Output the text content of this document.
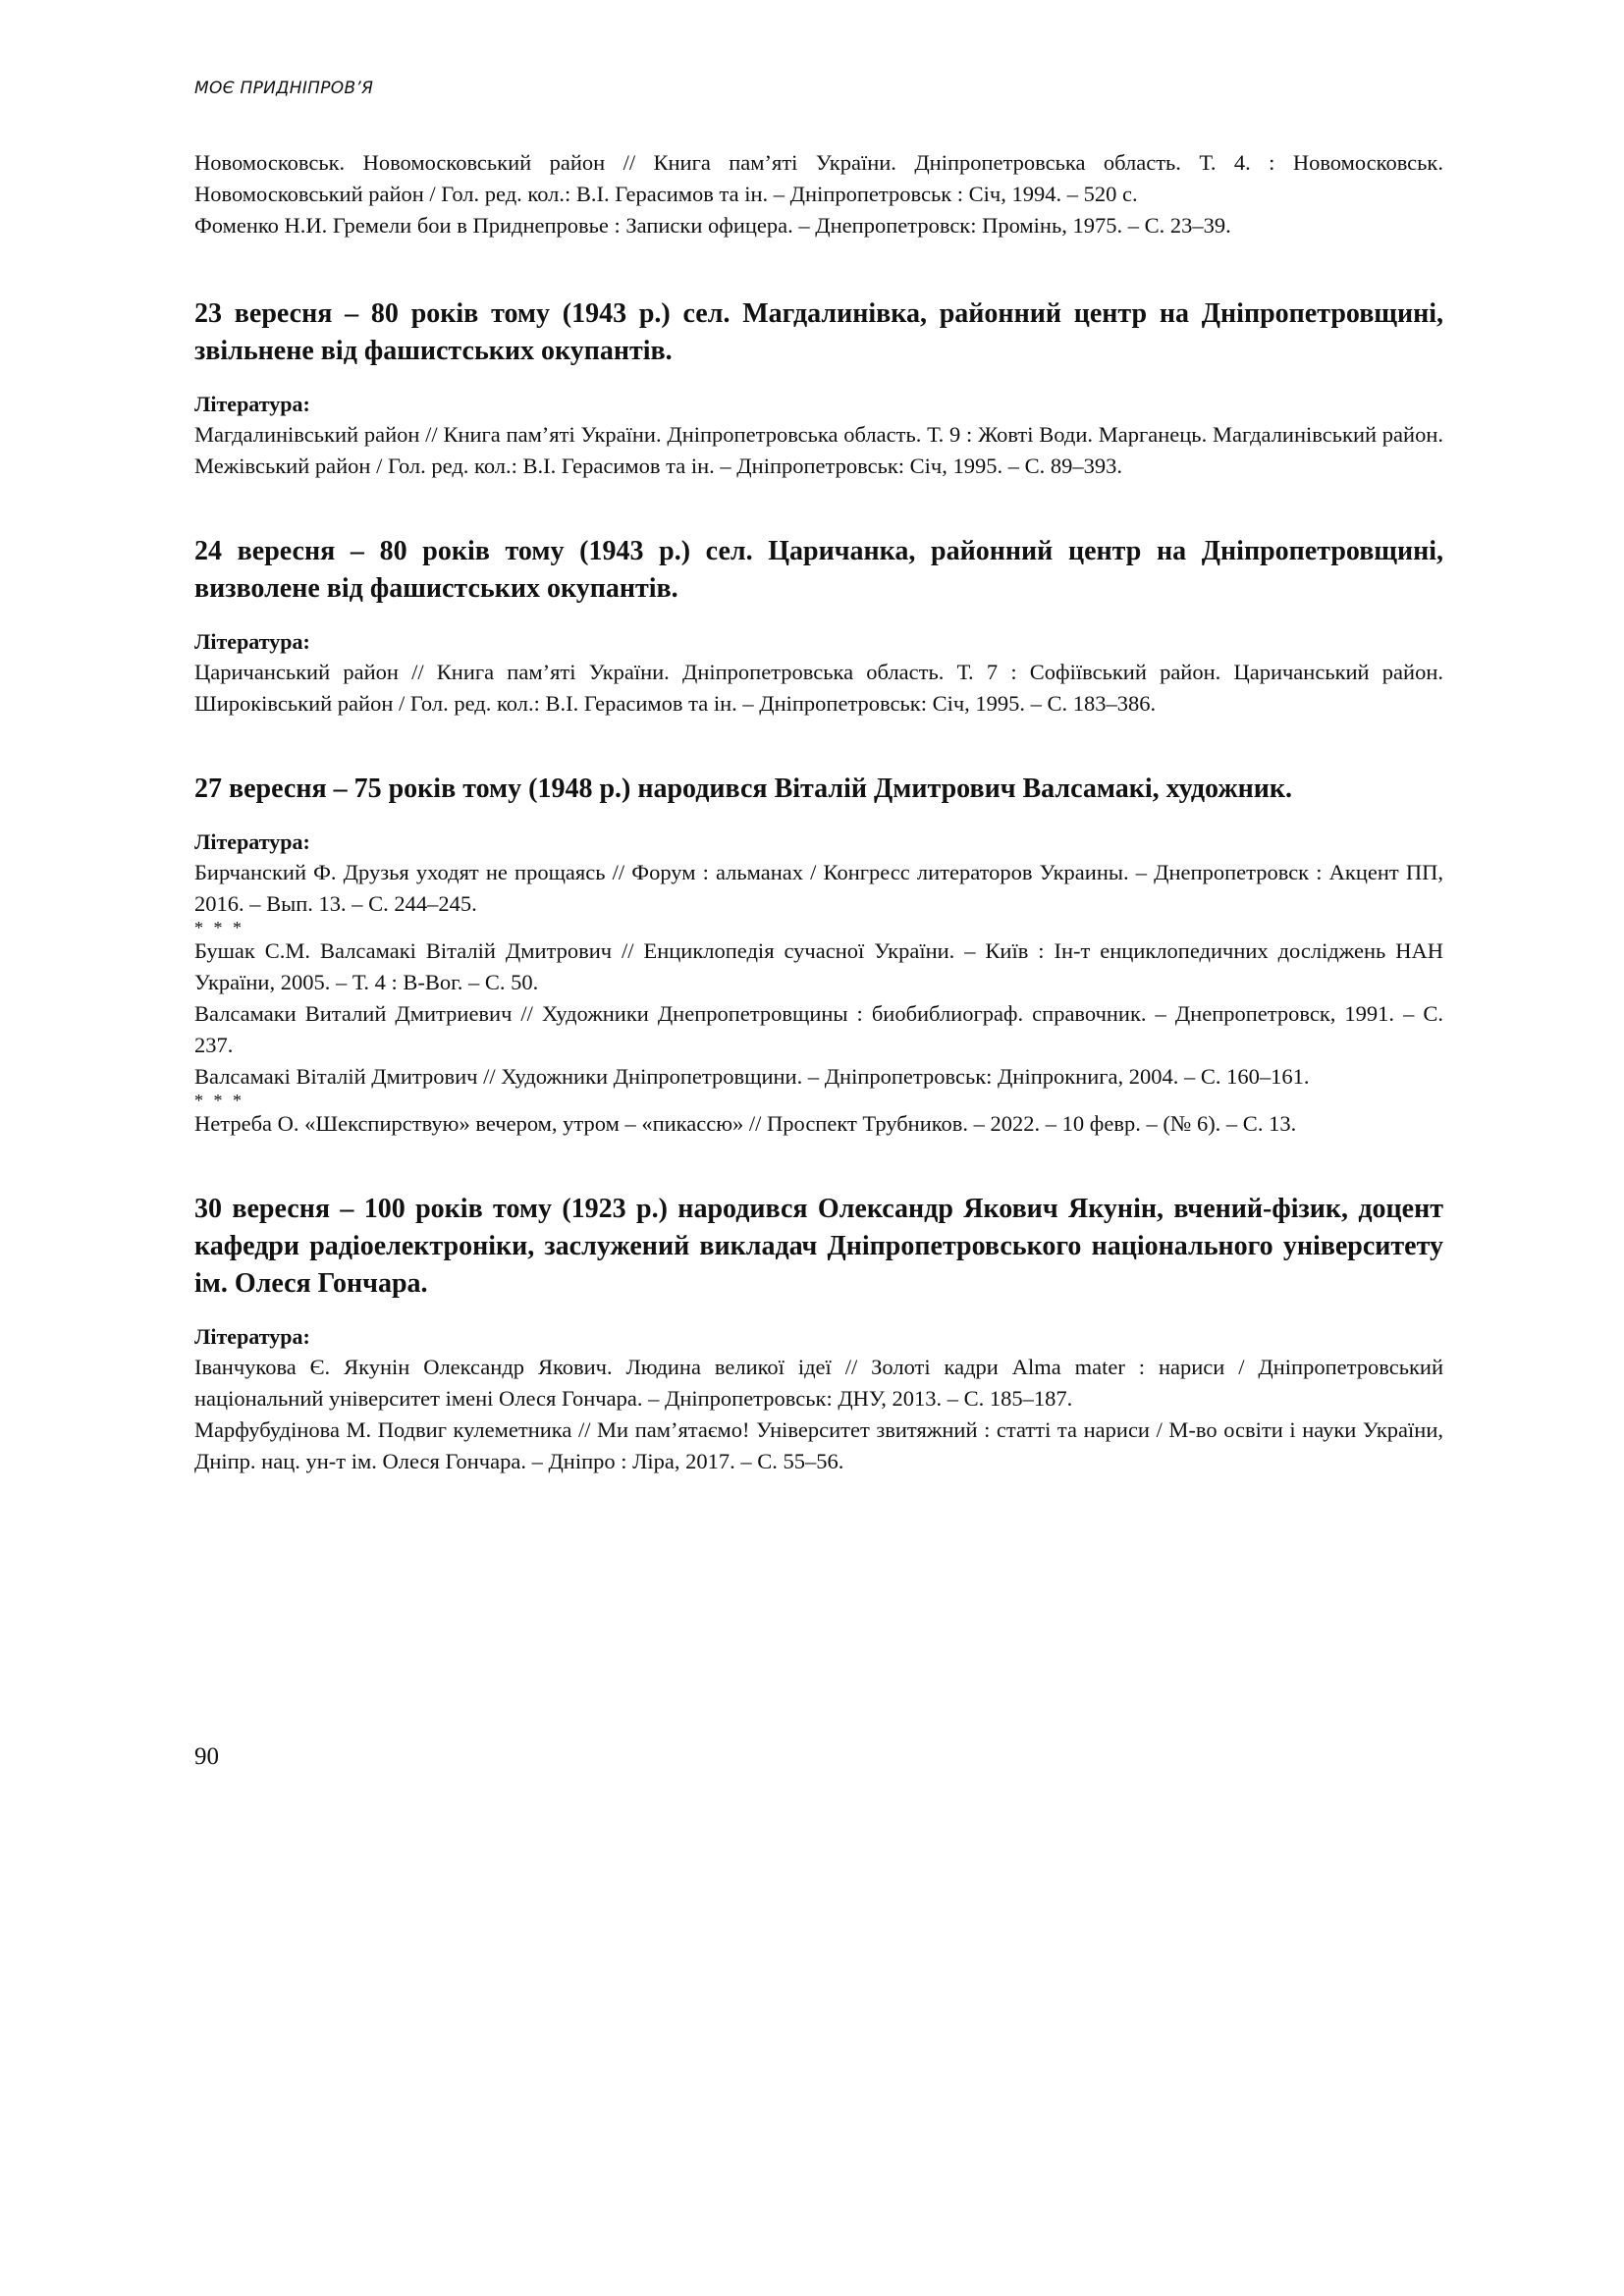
МОЄ ПРИДНІПРОВ’Я

Новомосковськ. Новомосковський район // Книга пам’яті України. Дніпропетровська область. Т. 4. : Новомосковськ. Новомосковський район / Гол. ред. кол.: В.І. Герасимов та ін. – Дніпропетровськ : Січ, 1994. – 520 с.

Фоменко Н.И. Гремели бои в Приднепровье : Записки офицера. – Днепропетровск: Промінь, 1975. – С. 23–39.

23 вересня – 80 років тому (1943 р.) сел. Магдалинівка, районний центр на Дніпропетровщині, звільнене від фашистських окупантів.

Література:

Магдалинівський район // Книга пам’яті України. Дніпропетровська область. Т. 9 : Жовті Води. Марганець. Магдалинівський район. Межівський район / Гол. ред. кол.: В.І. Герасимов та ін. – Дніпропетровськ: Січ, 1995. – С. 89–393.

24 вересня – 80 років тому (1943 р.) сел. Царичанка, районний центр на Дніпропетровщині, визволене від фашистських окупантів.

Література:

Царичанський район // Книга пам’яті України. Дніпропетровська область. Т. 7 : Софіївський район. Царичанський район. Широківський район / Гол. ред. кол.: В.І. Герасимов та ін. – Дніпропетровськ: Січ, 1995. – С. 183–386.

27 вересня – 75 років тому (1948 р.) народився Віталій Дмитрович Валсамакі, художник.

Література:

Бирчанский Ф. Друзья уходят не прощаясь // Форум : альманах / Конгресс литераторов Украины. – Днепропетровск : Акцент ПП, 2016. – Вып. 13. – С. 244–245.

* * *

Бушак С.М. Валсамакі Віталій Дмитрович // Енциклопедія сучасної України. – Київ : Ін-т енциклопедичних досліджень НАН України, 2005. – Т. 4 : В-Вог. – С. 50.

Валсамаки Виталий Дмитриевич // Художники Днепропетровщины : биобиблиограф. справочник. – Днепропетровск, 1991. – С. 237.

Валсамакі Віталій Дмитрович // Художники Дніпропетровщини. – Дніпропетровськ: Дніпрокнига, 2004. – С. 160–161.

* * *

Нетреба О. «Шекспирствую» вечером, утром – «пикассю» // Проспект Трубников. – 2022. – 10 февр. – (№ 6). – С. 13.

30 вересня – 100 років тому (1923 р.) народився Олександр Якович Якунін, вчений-фізик, доцент кафедри радіоелектроніки, заслужений викладач Дніпропетровського національного університету ім. Олеся Гончара.

Література:

Іванчукова Є. Якунін Олександр Якович. Людина великої ідеї // Золоті кадри Alma mater : нариси / Дніпропетровський національний університет імені Олеся Гончара. – Дніпропетровськ: ДНУ, 2013. – С. 185–187.

Марфубудінова М. Подвиг кулеметника // Ми пам’ятаємо! Університет звитяжний : статті та нариси / М-во освіти і науки України, Дніпр. нац. ун-т ім. Олеся Гончара. – Дніпро : Ліра, 2017. – С. 55–56.

90
